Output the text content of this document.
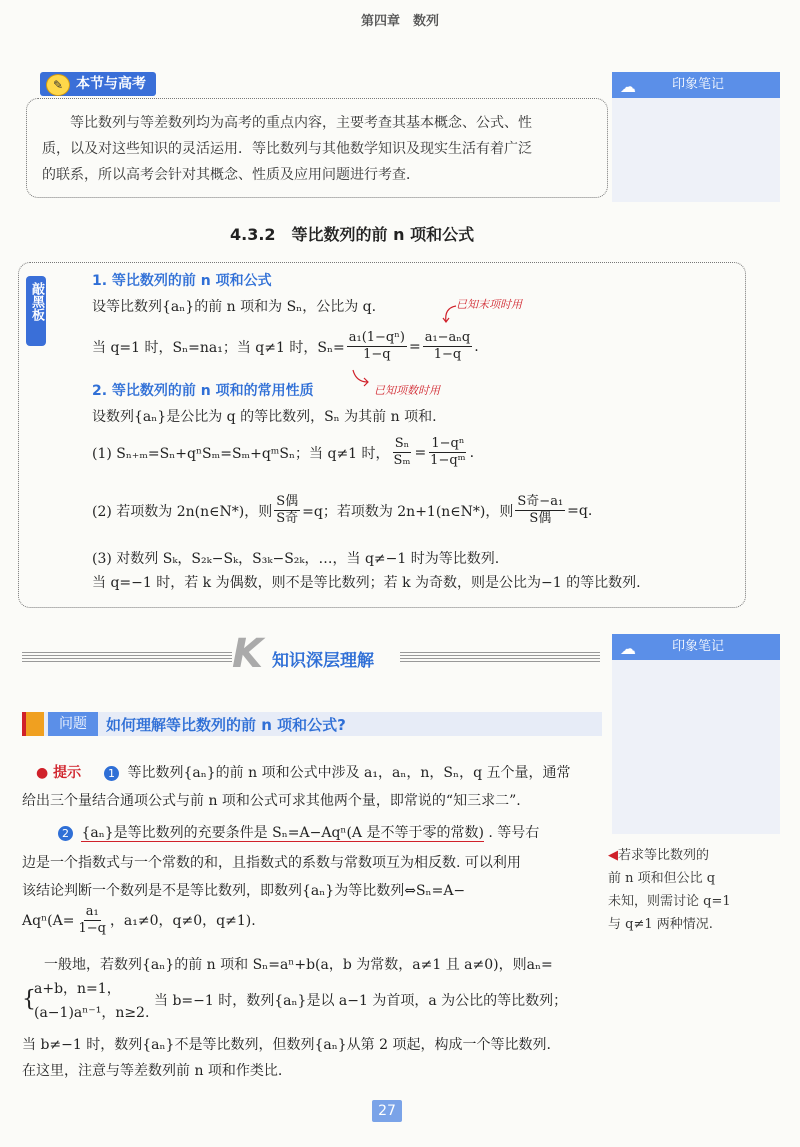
第四章　数列
✎ 本节与高考
等比数列与等差数列均为高考的重点内容，主要考查其基本概念、公式、性
质，以及对这些知识的灵活运用．等比数列与其他数学知识及现实生活有着广泛
的联系，所以高考会针对其概念、性质及应用问题进行考查．
☁	印象笔记
4.3.2　等比数列的前 n 项和公式
敲黑板
1. 等比数列的前 n 项和公式
设等比数列{aₙ}的前 n 项和为 Sₙ，公比为 q.	已知末项时用
当 q=1 时，Sₙ=na₁；当 q≠1 时，$S_n= \frac{\text{a₁(1−qⁿ)}}{1-q} = \frac{\text{a₁−aₙq}}{1-q}$ .
已知项数时用
2. 等比数列的前 n 项和的常用性质
设数列{aₙ}是公比为 q 的等比数列，Sₙ 为其前 n 项和.
(1) Sₙ₊ₘ=Sₙ+qⁿSₘ=Sₘ+qᵐSₙ；当 q≠1 时， $\frac{\text{Sₙ}}{\text{Sₘ}} = \frac{\text{1−qⁿ}}{\text{1−qᵐ}}$ .
(2) 若项数为 2n(n∈N*)，则 $\frac{\text{S偶}}{\text{S奇}} =q$；若项数为 2n+1(n∈N*)，则 $\frac{\text{S奇−a₁}}{\text{S偶}} =q$.
(3) 对数列 Sₖ，S₂ₖ−Sₖ，S₃ₖ−S₂ₖ，…，当 q≠−1 时为等比数列.
当 q=−1 时，若 k 为偶数，则不是等比数列；若 k 为奇数，则是公比为−1 的等比数列.
K 知识深层理解
☁	印象笔记
问题	如何理解等比数列的前 n 项和公式?
● 提示 1 等比数列{aₙ}的前 n 项和公式中涉及 a₁，aₙ，n，Sₙ，q 五个量，通常
给出三个量结合通项公式与前 n 项和公式可求其他两个量，即常说的“知三求二”.
2 {aₙ}是等比数列的充要条件是 Sₙ=A−Aqⁿ(A 是不等于零的常数) . 等号右
边是一个指数式与一个常数的和，且指数式的系数与常数项互为相反数. 可以利用
该结论判断一个数列是不是等比数列，即数列{aₙ}为等比数列⇔Sₙ=A−
$Aq^n(A= \frac{\text{a₁}}{1-q}$ ，a₁≠0，q≠0，q≠1).
一般地，若数列{aₙ}的前 n 项和 Sₙ=aⁿ+b(a，b 为常数，a≠1 且 a≠0)，则aₙ=
{
a+b，n=1，
(a−1)aⁿ⁻¹，n≥2.
当 b=−1 时，数列{aₙ}是以 a−1 为首项，a 为公比的等比数列；
当 b≠−1 时，数列{aₙ}不是等比数列，但数列{aₙ}从第 2 项起，构成一个等比数列.
在这里，注意与等差数列前 n 项和作类比.
◀若求等比数列的
前 n 项和但公比 q
未知，则需讨论 q=1
与 q≠1 两种情况.
27
